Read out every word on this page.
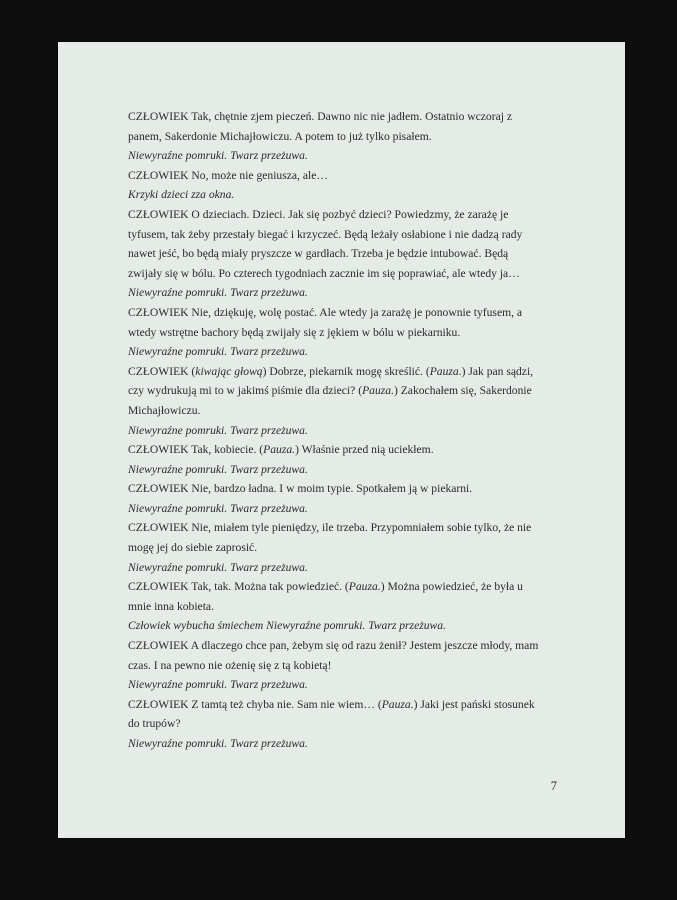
CZŁOWIEK Tak, chętnie zjem pieczeń. Dawno nic nie jadłem. Ostatnio wczoraj z panem, Sakerdonie Michajłowiczu. A potem to już tylko pisałem.

Niewyraźne pomruki. Twarz przeżuwa.

CZŁOWIEK No, może nie geniusza, ale…

Krzyki dzieci zza okna.

CZŁOWIEK O dzieciach. Dzieci. Jak się pozbyć dzieci? Powiedzmy, że zarażę je tyfusem, tak żeby przestały biegać i krzyczeć. Będą leżały osłabione i nie dadzą rady nawet jeść, bo będą miały pryszcze w gardłach. Trzeba je będzie intubować. Będą zwijały się w bólu. Po czterech tygodniach zacznie im się poprawiać, ale wtedy ja…

Niewyraźne pomruki. Twarz przeżuwa.

CZŁOWIEK Nie, dziękuję, wolę postać. Ale wtedy ja zarażę je ponownie tyfusem, a wtedy wstrętne bachory będą zwijały się z jękiem w bólu w piekarniku.

Niewyraźne pomruki. Twarz przeżuwa.

CZŁOWIEK (kiwając głową) Dobrze, piekarnik mogę skreślić. (Pauza.) Jak pan sądzi, czy wydrukują mi to w jakimś piśmie dla dzieci? (Pauza.) Zakochałem się, Sakerdonie Michajłowiczu.

Niewyraźne pomruki. Twarz przeżuwa.

CZŁOWIEK Tak, kobiecie. (Pauza.) Właśnie przed nią uciekłem.

Niewyraźne pomruki. Twarz przeżuwa.

CZŁOWIEK Nie, bardzo ładna. I w moim typie. Spotkałem ją w piekarni.

Niewyraźne pomruki. Twarz przeżuwa.

CZŁOWIEK Nie, miałem tyle pieniędzy, ile trzeba. Przypomniałem sobie tylko, że nie mogę jej do siebie zaprosić.

Niewyraźne pomruki. Twarz przeżuwa.

CZŁOWIEK Tak, tak. Można tak powiedzieć. (Pauza.) Można powiedzieć, że była u mnie inna kobieta.

Człowiek wybucha śmiechem Niewyraźne pomruki. Twarz przeżuwa.

CZŁOWIEK A dlaczego chce pan, żebym się od razu żenił? Jestem jeszcze młody, mam czas. I na pewno nie ożenię się z tą kobietą!

Niewyraźne pomruki. Twarz przeżuwa.

CZŁOWIEK Z tamtą też chyba nie. Sam nie wiem… (Pauza.) Jaki jest pański stosunek do trupów?

Niewyraźne pomruki. Twarz przeżuwa.

7
